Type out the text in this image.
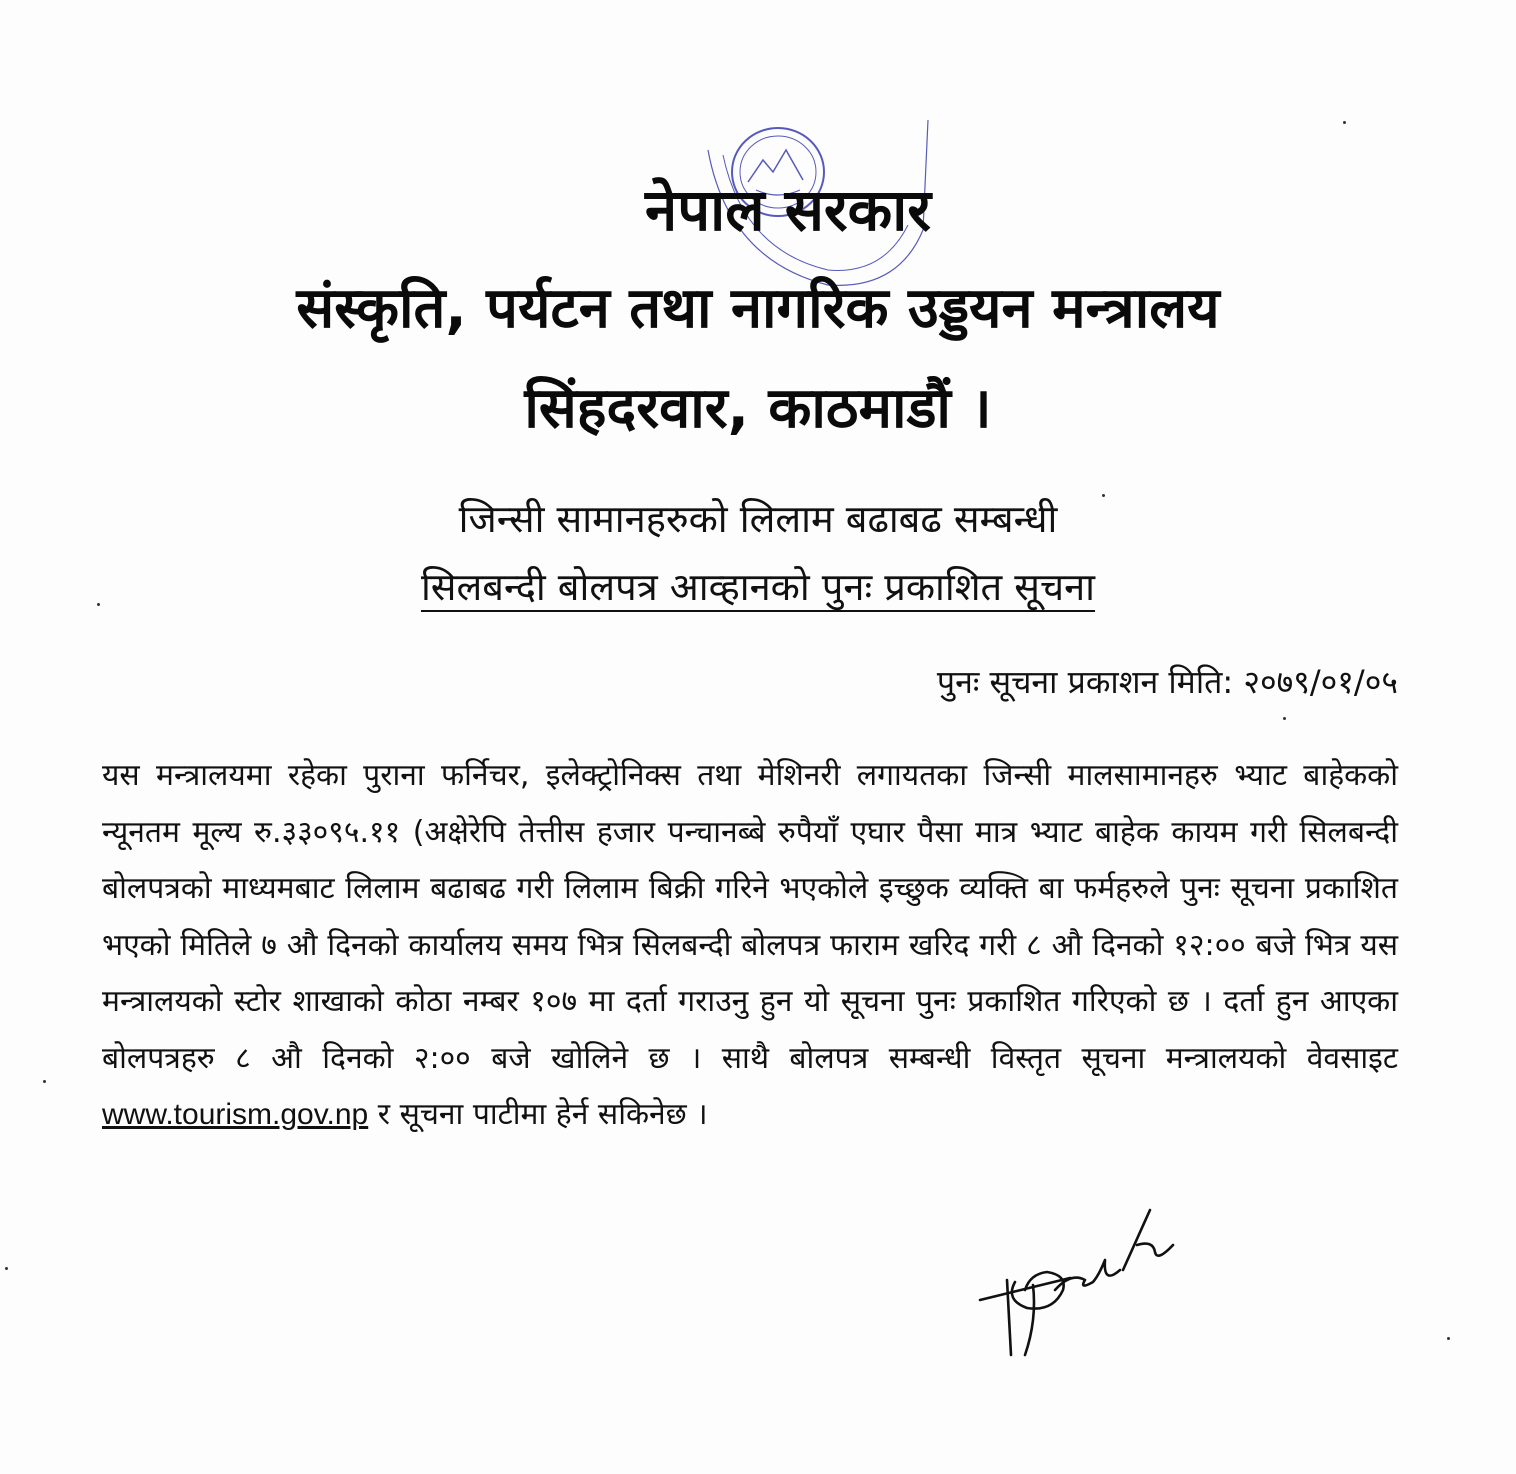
नेपाल सरकार
संस्कृति, पर्यटन तथा नागरिक उड्डयन मन्त्रालय
सिंहदरवार, काठमाडौं ।
जिन्सी सामानहरुको लिलाम बढाबढ सम्बन्धी
सिलबन्दी बोलपत्र आव्हानको पुनः प्रकाशित सूचना
पुनः सूचना प्रकाशन मिति: २०७९/०१/०५
यस मन्त्रालयमा रहेका पुराना फर्निचर, इलेक्ट्रोनिक्स तथा मेशिनरी लगायतका जिन्सी मालसामानहरु भ्याट बाहेकको न्यूनतम मूल्य रु.३३०९५.११ (अक्षेरेपि तेत्तीस हजार पन्चानब्बे रुपैयाँ एघार पैसा मात्र भ्याट बाहेक कायम गरी सिलबन्दी बोलपत्रको माध्यमबाट लिलाम बढाबढ गरी लिलाम बिक्री गरिने भएकोले इच्छुक व्यक्ति बा फर्महरुले पुनः सूचना प्रकाशित भएको मितिले ७ औ दिनको कार्यालय समय भित्र सिलबन्दी बोलपत्र फाराम खरिद गरी ८ औ दिनको १२:०० बजे भित्र यस मन्त्रालयको स्टोर शाखाको कोठा नम्बर १०७ मा दर्ता गराउनु हुन यो सूचना पुनः प्रकाशित गरिएको छ । दर्ता हुन आएका बोलपत्रहरु ८ औ दिनको २:०० बजे खोलिने छ । साथै बोलपत्र सम्बन्धी विस्तृत सूचना मन्त्रालयको वेवसाइट www.tourism.gov.np र सूचना पाटीमा हेर्न सकिनेछ ।
